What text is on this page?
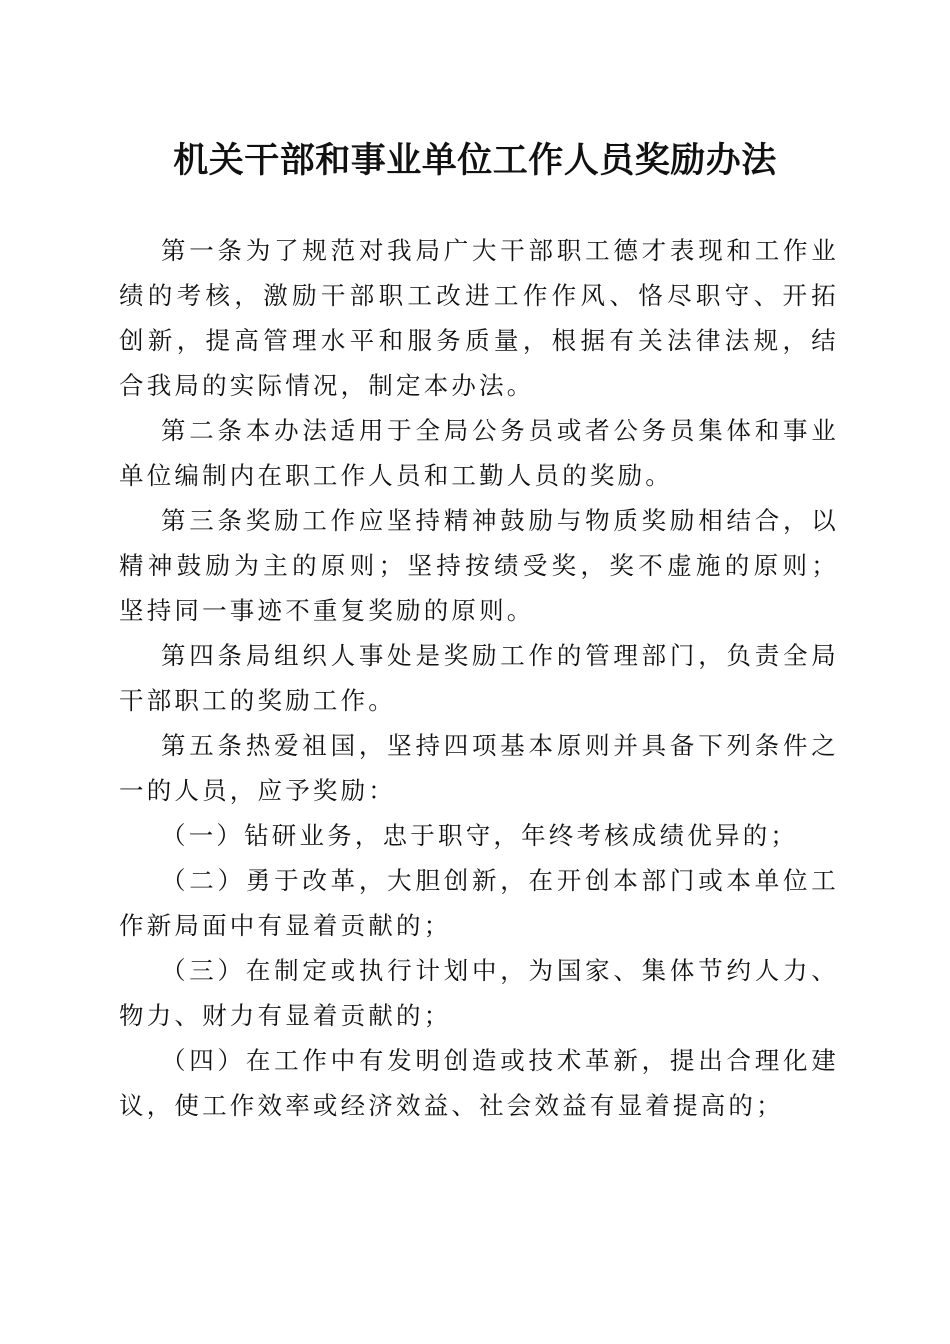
机关干部和事业单位工作人员奖励办法

第一条为了规范对我局广大干部职工德才表现和工作业绩的考核，激励干部职工改进工作作风、恪尽职守、开拓创新，提高管理水平和服务质量，根据有关法律法规，结合我局的实际情况，制定本办法。

第二条本办法适用于全局公务员或者公务员集体和事业单位编制内在职工作人员和工勤人员的奖励。

第三条奖励工作应坚持精神鼓励与物质奖励相结合，以精神鼓励为主的原则；坚持按绩受奖，奖不虚施的原则；坚持同一事迹不重复奖励的原则。

第四条局组织人事处是奖励工作的管理部门，负责全局干部职工的奖励工作。

第五条热爱祖国，坚持四项基本原则并具备下列条件之一的人员，应予奖励：

（一）钻研业务，忠于职守，年终考核成绩优异的；

（二）勇于改革，大胆创新，在开创本部门或本单位工作新局面中有显着贡献的；

（三）在制定或执行计划中，为国家、集体节约人力、物力、财力有显着贡献的；

（四）在工作中有发明创造或技术革新，提出合理化建议，使工作效率或经济效益、社会效益有显着提高的；
